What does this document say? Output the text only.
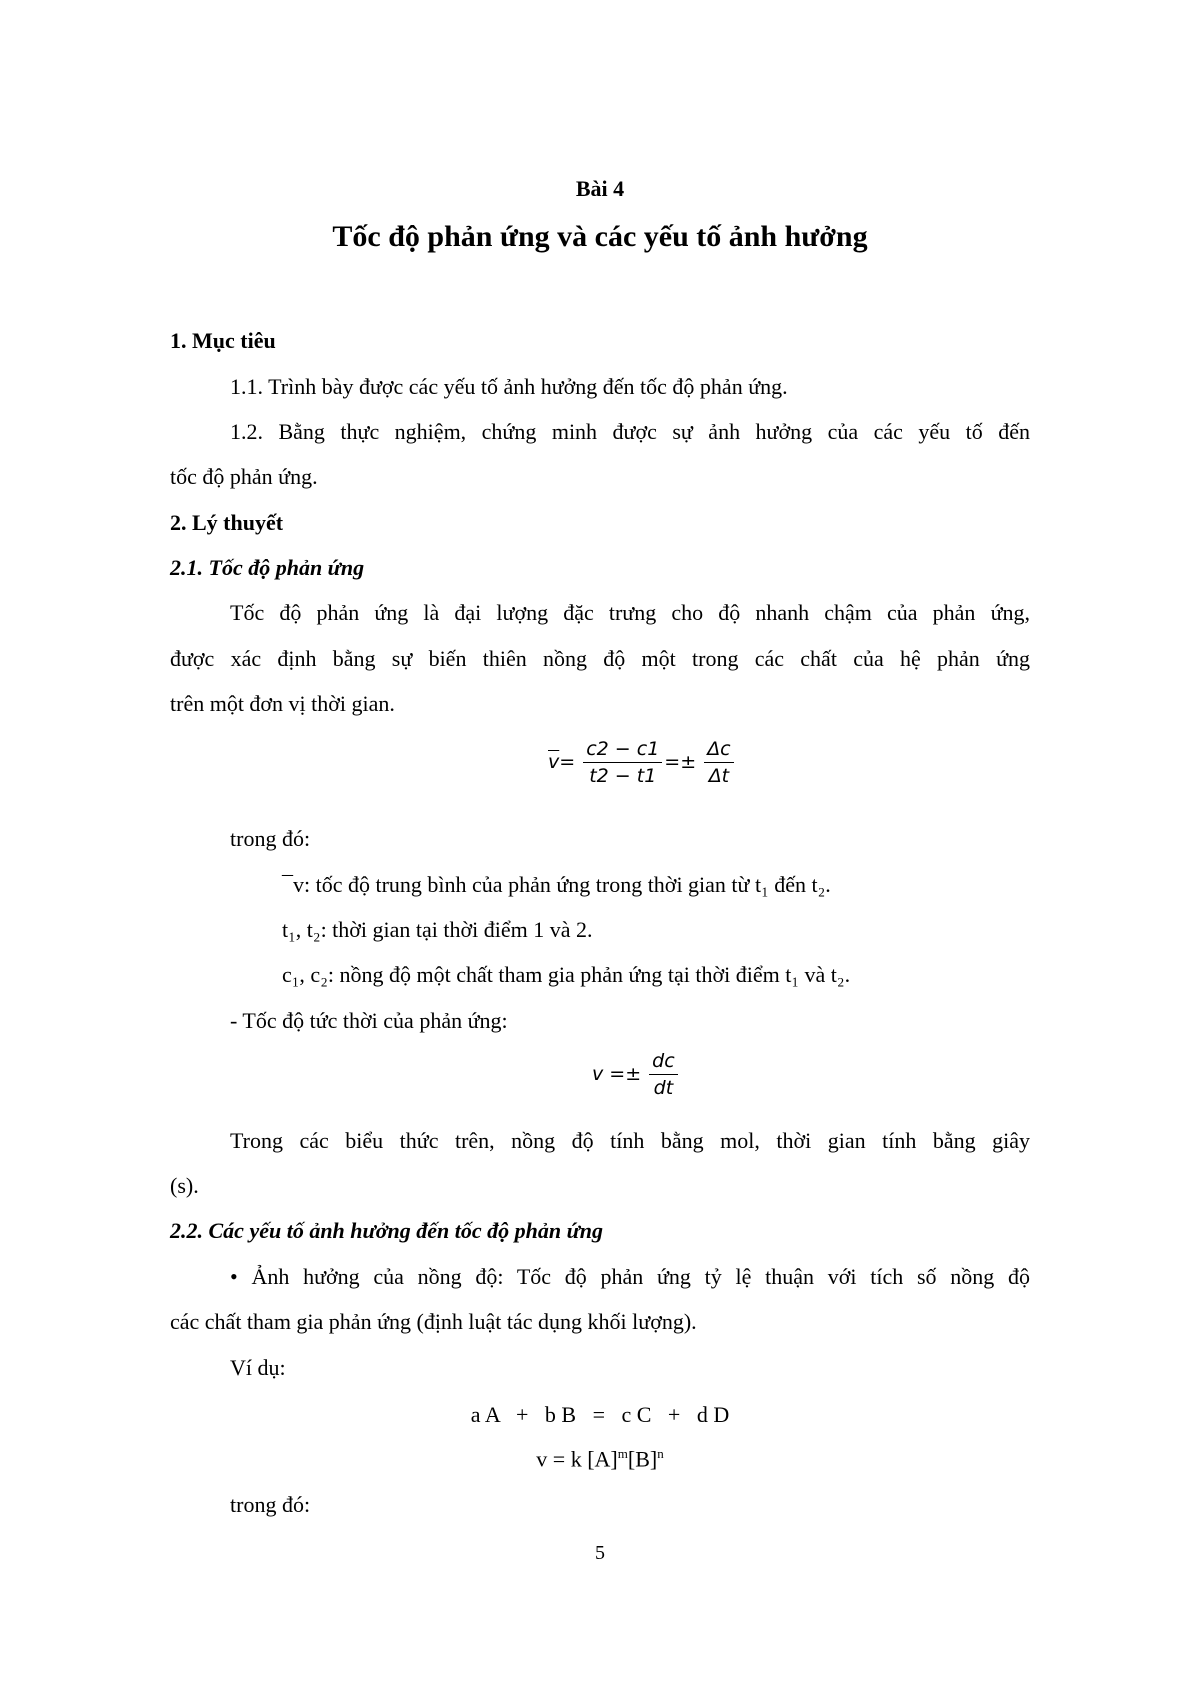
Bài 4
Tốc độ phản ứng và các yếu tố ảnh hưởng
1. Mục tiêu
1.1. Trình bày được các yếu tố ảnh hưởng đến tốc độ phản ứng.
1.2. Bằng thực nghiệm, chứng minh được sự ảnh hưởng của các yếu tố đến
tốc độ phản ứng.
2. Lý thuyết
2.1. Tốc độ phản ứng
Tốc độ phản ứng là đại lượng đặc trưng cho độ nhanh chậm của phản ứng,
được xác định bằng sự biến thiên nồng độ một trong các chất của hệ phản ứng
trên một đơn vị thời gian.
$\overline{v}= \frac{c2 - c1}{t2 - t1} =\pm \frac{\Delta c}{\Delta t}$
trong đó:
¯v: tốc độ trung bình của phản ứng trong thời gian từ t₁ đến t₂.
t₁, t₂: thời gian tại thời điểm 1 và 2.
c₁, c₂: nồng độ một chất tham gia phản ứng tại thời điểm t₁ và t₂.
- Tốc độ tức thời của phản ứng:
$v =\pm \frac{dc}{dt}$
Trong các biểu thức trên, nồng độ tính bằng mol, thời gian tính bằng giây
(s).
2.2. Các yếu tố ảnh hưởng đến tốc độ phản ứng
• Ảnh hưởng của nồng độ: Tốc độ phản ứng tỷ lệ thuận với tích số nồng độ
các chất tham gia phản ứng (định luật tác dụng khối lượng).
Ví dụ:
a A   +   b B   =   c C   +   d D
v = k $[A]^m[B]^n$
trong đó:
5
